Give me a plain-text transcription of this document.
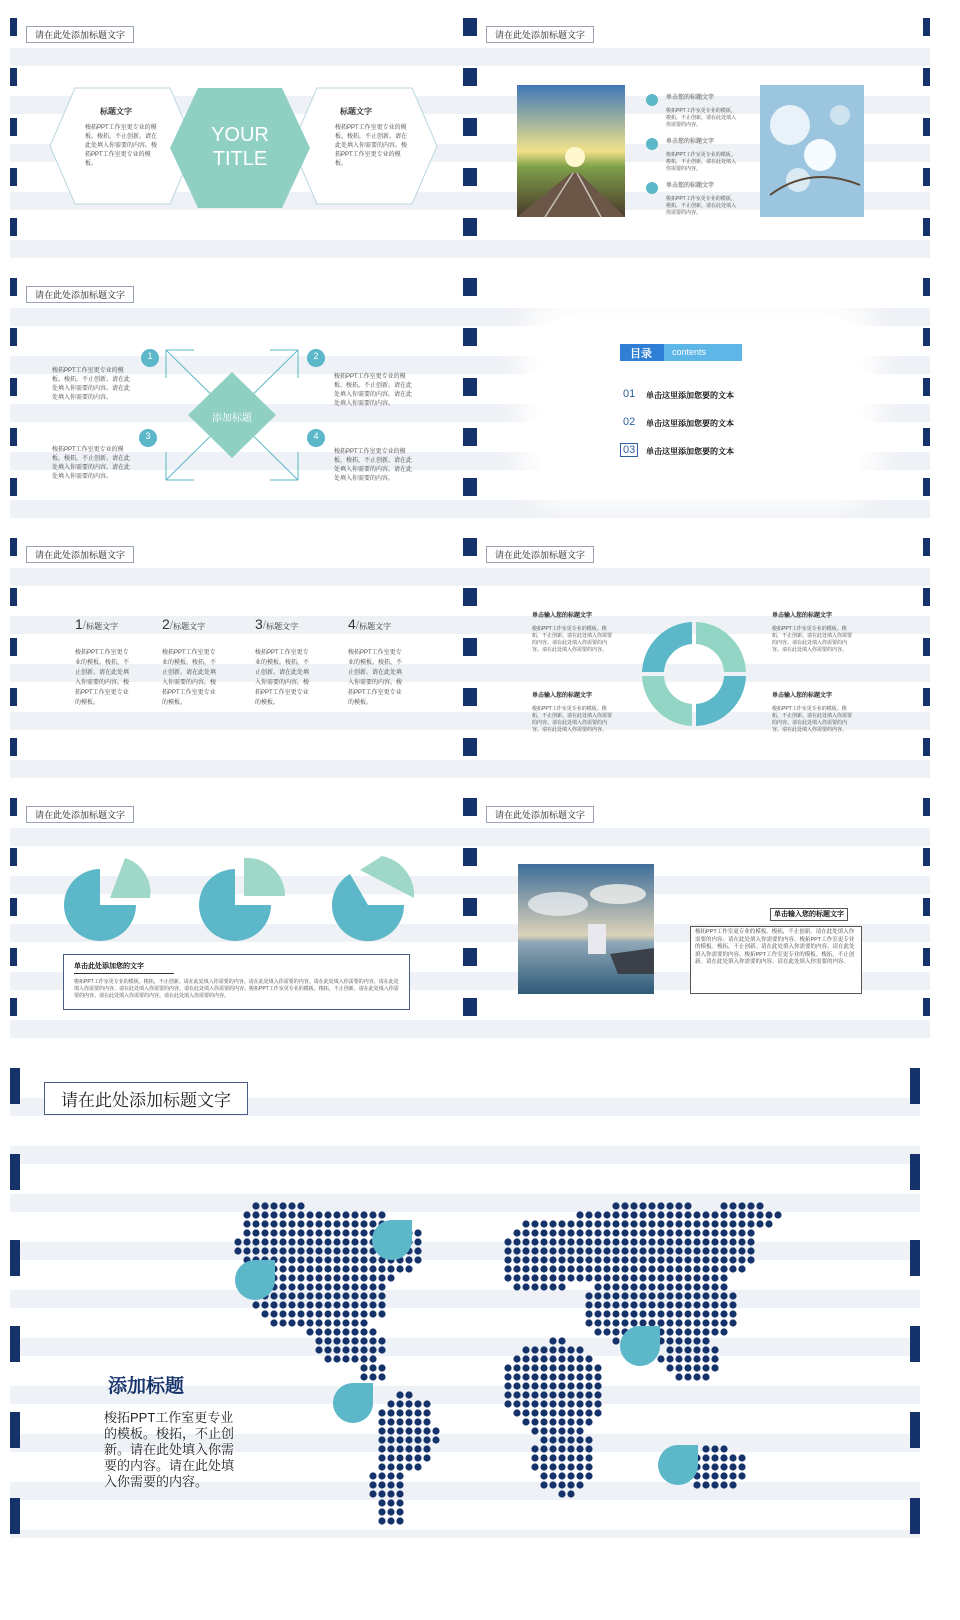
请在此处添加标题文字
YOUR
TITLE
标题文字
梭拓PPT工作室更专业的模板。梭拓，不止创新。请在此处填入你需要的内容。梭拓PPT工作室更专业的模板。
标题文字
梭拓PPT工作室更专业的模板。梭拓，不止创新。请在此处填入你需要的内容。梭拓PPT工作室更专业的模板。
请在此处添加标题文字
单击您的标题文字
梭拓PPT工作室更专业的模板。梭拓，不止创新。请在此处填入你需要的内容。
单击您的标题文字
梭拓PPT工作室更专业的模板。梭拓，不止创新。请在此处填入你需要的内容。
单击您的标题文字
梭拓PPT工作室更专业的模板。梭拓，不止创新。请在此处填入你需要的内容。
请在此处添加标题文字
1	2
3	4
添加标题
梭拓PPT工作室更专业的模板。梭拓，不止创新。请在此处填入你需要的内容。请在此处填入你需要的内容。
梭拓PPT工作室更专业的模板。梭拓，不止创新。请在此处填入你需要的内容。请在此处填入你需要的内容。
梭拓PPT工作室更专业的模板。梭拓，不止创新。请在此处填入你需要的内容。请在此处填入你需要的内容。
梭拓PPT工作室更专业的模板。梭拓，不止创新。请在此处填入你需要的内容。请在此处填入你需要的内容。
目录 contents
01 单击这里添加您要的文本
02 单击这里添加您要的文本
03	单击这里添加您要的文本
请在此处添加标题文字
1/标题文字
梭拓PPT工作室更专业的模板。梭拓，不止创新。请在此处填入你需要的内容。梭拓PPT工作室更专业的模板。
2/标题文字
梭拓PPT工作室更专业的模板。梭拓，不止创新。请在此处填入你需要的内容。梭拓PPT工作室更专业的模板。
3/标题文字
梭拓PPT工作室更专业的模板。梭拓，不止创新。请在此处填入你需要的内容。梭拓PPT工作室更专业的模板。
4/标题文字
梭拓PPT工作室更专业的模板。梭拓，不止创新。请在此处填入你需要的内容。梭拓PPT工作室更专业的模板。
请在此处添加标题文字
单击输入您的标题文字
梭拓PPT工作室更专业的模板。梭拓，不止创新。请在此处填入你需要的内容。请在此处填入你需要的内容。请在此处填入你需要的内容。
单击输入您的标题文字
梭拓PPT工作室更专业的模板。梭拓，不止创新。请在此处填入你需要的内容。请在此处填入你需要的内容。请在此处填入你需要的内容。
单击输入您的标题文字
梭拓PPT工作室更专业的模板。梭拓，不止创新。请在此处填入你需要的内容。请在此处填入你需要的内容。请在此处填入你需要的内容。
单击输入您的标题文字
梭拓PPT工作室更专业的模板。梭拓，不止创新。请在此处填入你需要的内容。请在此处填入你需要的内容。请在此处填入你需要的内容。
请在此处添加标题文字
单击此处添加您的文字
梭拓PPT工作室更专业的模板。梭拓，不止创新。请在此处填入你需要的内容。请在此处填入你需要的内容。请在此处填入你需要的内容。请在此处填入你需要的内容。请在此处填入你需要的内容。请在此处填入你需要的内容。梭拓PPT工作室更专业的模板。梭拓，不止创新。请在此处填入你需要的内容。请在此处填入你需要的内容。请在此处填入你需要的内容。
请在此处添加标题文字
单击输入您的标题文字
梭拓PPT工作室更专业的模板。梭拓，不止创新。请在此处填入你需要的内容。请在此处填入你需要的内容。梭拓PPT工作室更专业的模板。梭拓，不止创新。请在此处填入你需要的内容。请在此处填入你需要的内容。梭拓PPT工作室更专业的模板。梭拓，不止创新。请在此处填入你需要的内容。请在此处填入你需要的内容。
请在此处添加标题文字
添加标题
梭拓PPT工作室更专业的模板。梭拓，不止创新。请在此处填入你需要的内容。请在此处填入你需要的内容。
